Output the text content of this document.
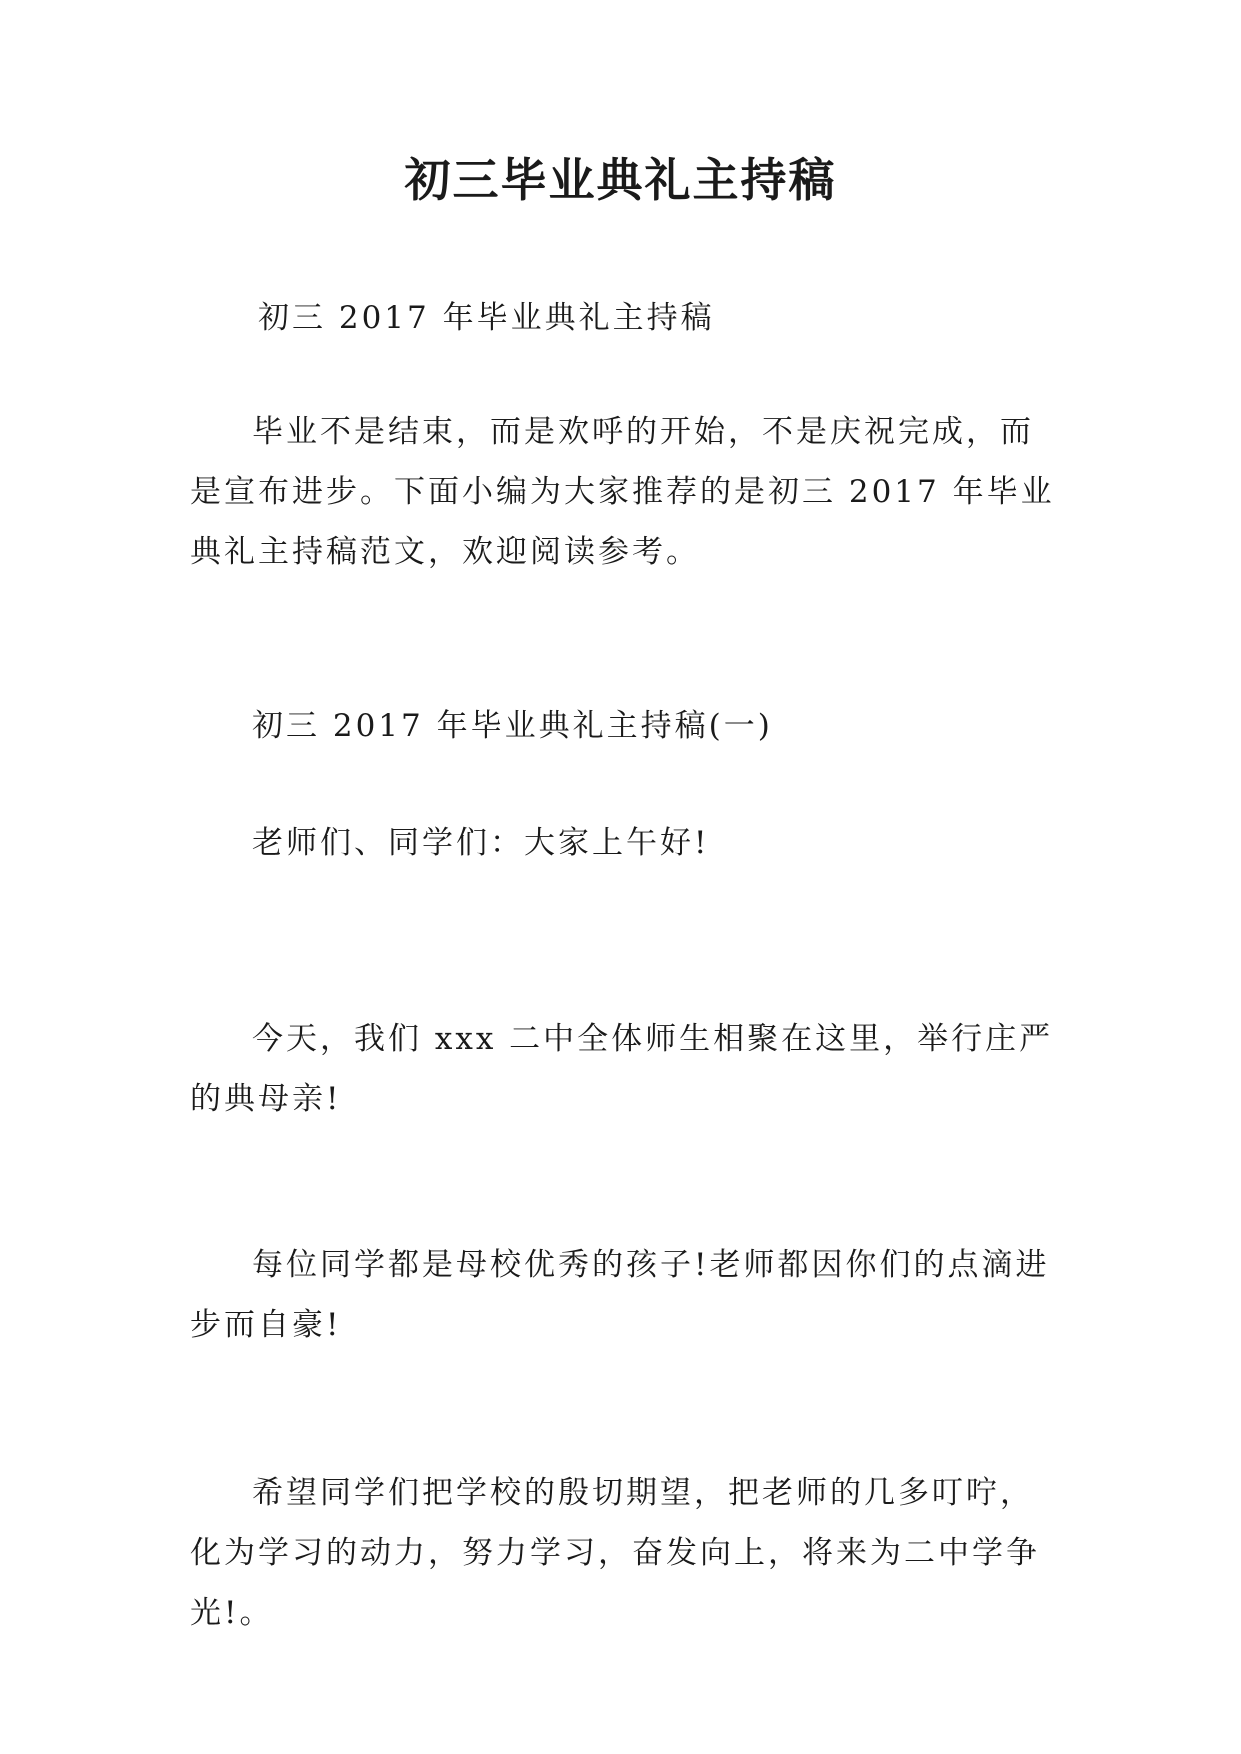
初三毕业典礼主持稿

初三 2017 年毕业典礼主持稿

毕业不是结束，而是欢呼的开始，不是庆祝完成，而是宣布进步。下面小编为大家推荐的是初三 2017 年毕业典礼主持稿范文，欢迎阅读参考。

初三 2017 年毕业典礼主持稿(一)

老师们、同学们：大家上午好!

今天，我们 xxx 二中全体师生相聚在这里，举行庄严的典母亲!

每位同学都是母校优秀的孩子!老师都因你们的点滴进步而自豪!

希望同学们把学校的殷切期望，把老师的几多叮咛，化为学习的动力，努力学习，奋发向上，将来为二中学争光!。
